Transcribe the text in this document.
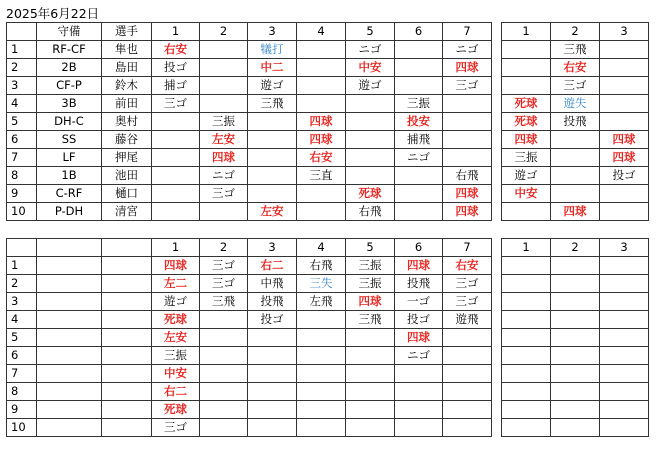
2025年6月22日
	守備	選手	1	2	3	4	5	6	7
1	RF-CF	隼也	右安		犠打		ニゴ		ニゴ
2	2B	島田	投ゴ		中二		中安		四球
3	CF-P	鈴木	捕ゴ		遊ゴ		遊ゴ		三ゴ
4	3B	前田	三ゴ		三飛			三振	
5	DH-C	奥村		三振		四球		投安	
6	SS	藤谷		左安		四球		捕飛	
7	LF	押尾		四球		右安		ニゴ	
8	1B	池田		ニゴ		三直			右飛
9	C-RF	樋口		三ゴ			死球		四球
10	P-DH	清宮			左安		右飛		四球
1	2	3
	三飛	
	右安	
	三ゴ	
死球	遊失	
死球	投飛	
四球		四球
三振		四球
遊ゴ		投ゴ
中安		
	四球	
			1	2	3	4	5	6	7
1			四球	三ゴ	右二	右飛	三振	四球	右安
2			左二	三ゴ	中飛	三失	三振	投飛	三ゴ
3			遊ゴ	三飛	投飛	左飛	四球	一ゴ	三ゴ
4			死球		投ゴ		三飛	投ゴ	遊飛
5			左安					四球	
6			三振					ニゴ	
7			中安						
8			右二						
9			死球						
10			三ゴ						
1	2	3
